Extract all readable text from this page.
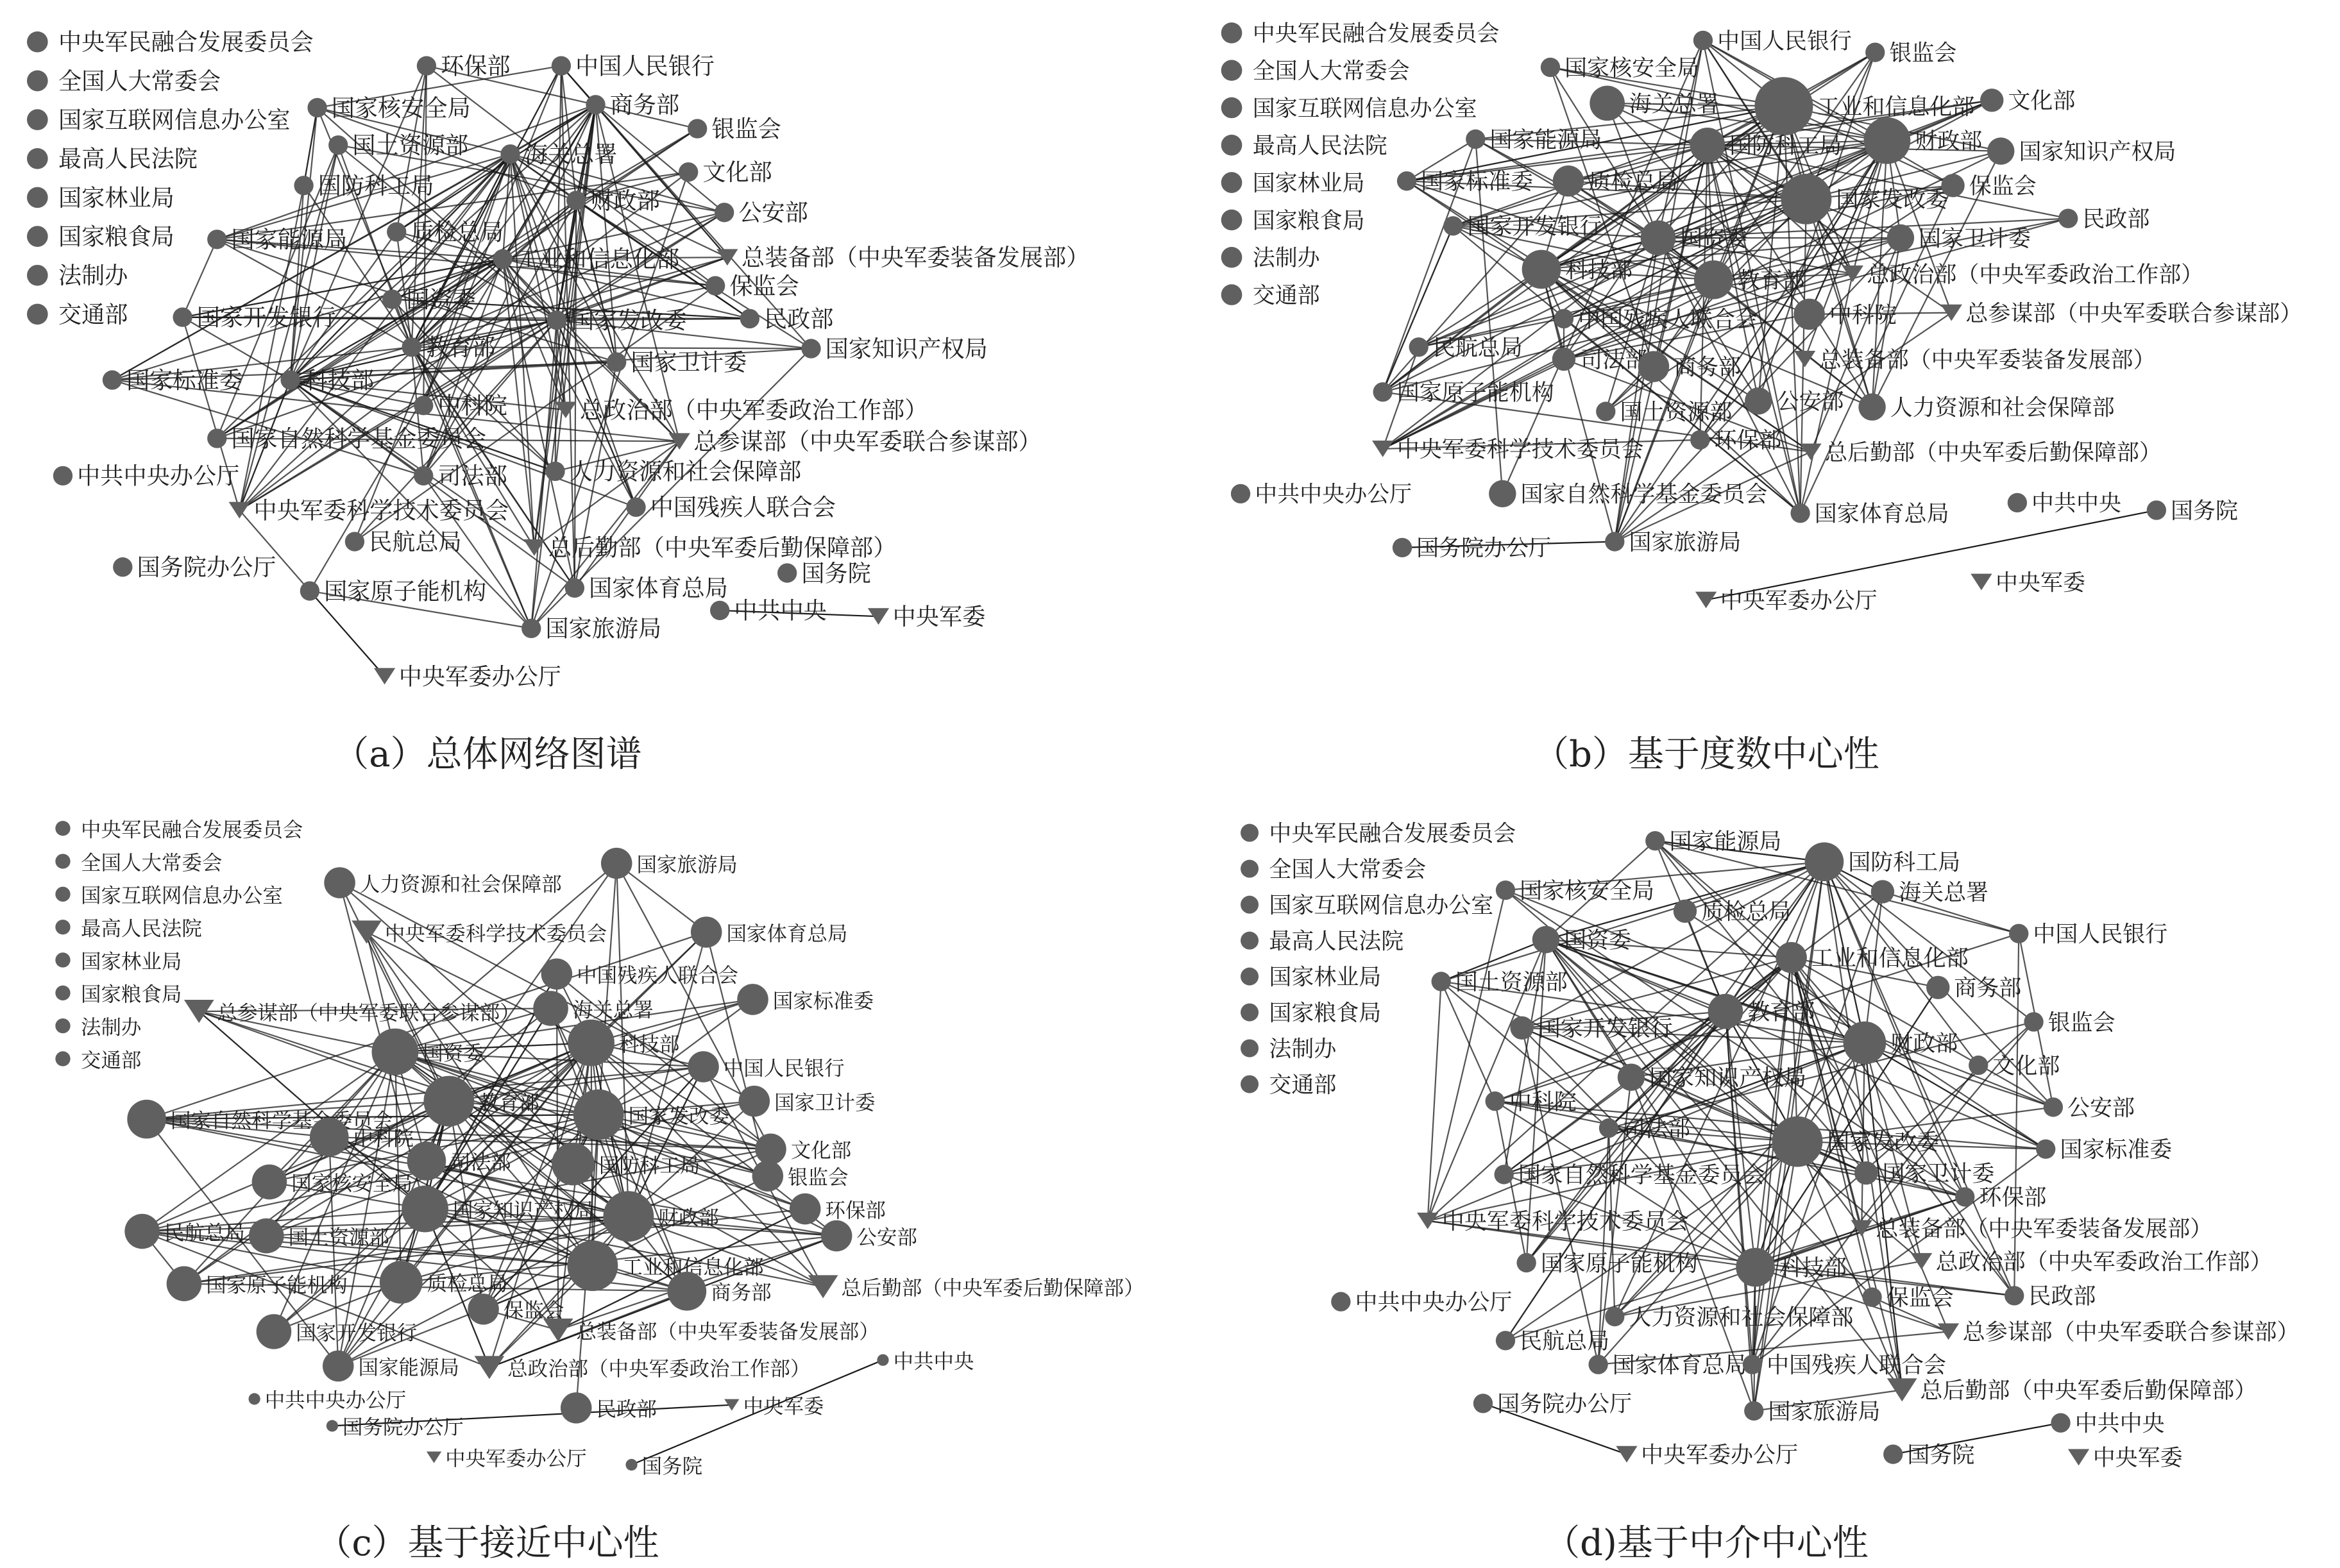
中央军民融合发展委员会
全国人大常委会
国家互联网信息办公室
最高人民法院
国家林业局
国家粮食局
法制办
交通部
环保部	中国人民银行
商务部
国家核安全局
银监会
国土资源部 海关总署
文化部
国防科工局
财政部	公安部
国家能源局	质检总局
总装备部（中央军委装备发展部）
工业和信息化部
保监会
国家开发银行
国资委
国家发改委	民政部
教育部	国家知识产权局
国家标准委	科技部
国家卫计委
中科院	总政治部（中央军委政治工作部）
国家自然科学基金委员会	总参谋部（中央军委联合参谋部）
中共中央办公厅	司法部	人力资源和社会保障部
中央军委科学技术委员会	中国残疾人联合会
民航总局	总后勤部（中央军委后勤保障部）
国务院办公厅	国务院
国家原子能机构	国家体育总局
中共中央	中央军委
国家旅游局
中央军委办公厅
中央军民融合发展委员会
全国人大常委会
国家互联网信息办公室
最高人民法院
国家林业局
国家粮食局
法制办
交通部
中国人民银行 银监会
国家核安全局
工业和信息化部 文化部
海关总署
财政部 国家知识产权局
国家能源局	国防科工局
国家标准委 质检总局
国家发改委
保监会
民政部
国家开发银行	国资委	国家卫计委
科技部	教育部	总政治部（中央军委政治工作部）
中国残疾人联合会	中科院	总参谋部（中央军委联合参谋部）
民航总局	司法部 商务部	总装备部（中央军委装备发展部）
国家原子能机构
国土资源部 公安部 人力资源和社会保障部
中央军委科学技术委员会	环保部 总后勤部（中央军委后勤保障部）
中共中央办公厅	国家自然科学基金委员会	中共中央 国务院
国家体育总局
国务院办公厅	国家旅游局
中央军委
中央军委办公厅
中央军民融合发展委员会
全国人大常委会
国家互联网信息办公室
最高人民法院
国家林业局
国家粮食局
法制办
交通部
国家旅游局
人力资源和社会保障部
中央军委科学技术委员会	国家体育总局
中国残疾人联合会
国家标准委
总参谋部（中央军委联合参谋部）	海关总署
国资委	科技部
中国人民银行
教育部
国家发改委
国家卫计委
国家自然科学基金委员会
中科院
司法部	国防科工局
文化部
国家核安全局	银监会
国家知识产权局	财政部	环保部
民航总局 国土资源部
工业和信息化部
公安部
国家原子能机构	质检总局	商务部	总后勤部（中央军委后勤保障部）
国家开发银行
保监会
总装备部（中央军委装备发展部）
国家能源局 总政治部（中央军委政治工作部）
民政部
中共中央
中共中央办公厅	中央军委
国务院办公厅
中央军委办公厅	国务院
中央军民融合发展委员会
全国人大常委会
国家互联网信息办公室
最高人民法院
国家林业局
国家粮食局
法制办
交通部
国家能源局
国防科工局
国家核安全局	海关总署
质检总局
国资委
工业和信息化部
中国人民银行
国土资源部	商务部
教育部
国家开发银行	银监会
财政部
国家知识产权局	文化部
中科院	公安部
司法部
国家发改委	国家标准委
国家卫计委
国家自然科学基金委员会
环保部
中央军委科学技术委员会	总装备部（中央军委装备发展部）
国家原子能机构	科技部	总政治部（中央军委政治工作部）
中共中央办公厅	保监会	民政部
人力资源和社会保障部
总参谋部（中央军委联合参谋部）
民航总局
国家体育总局 中国残疾人联合会
总后勤部（中央军委后勤保障部）
国务院办公厅	国家旅游局	中共中央
国务院	中央军委
中央军委办公厅
（a）总体网络图谱	（b）基于度数中心性
（c）基于接近中心性	（d)基于中介中心性
